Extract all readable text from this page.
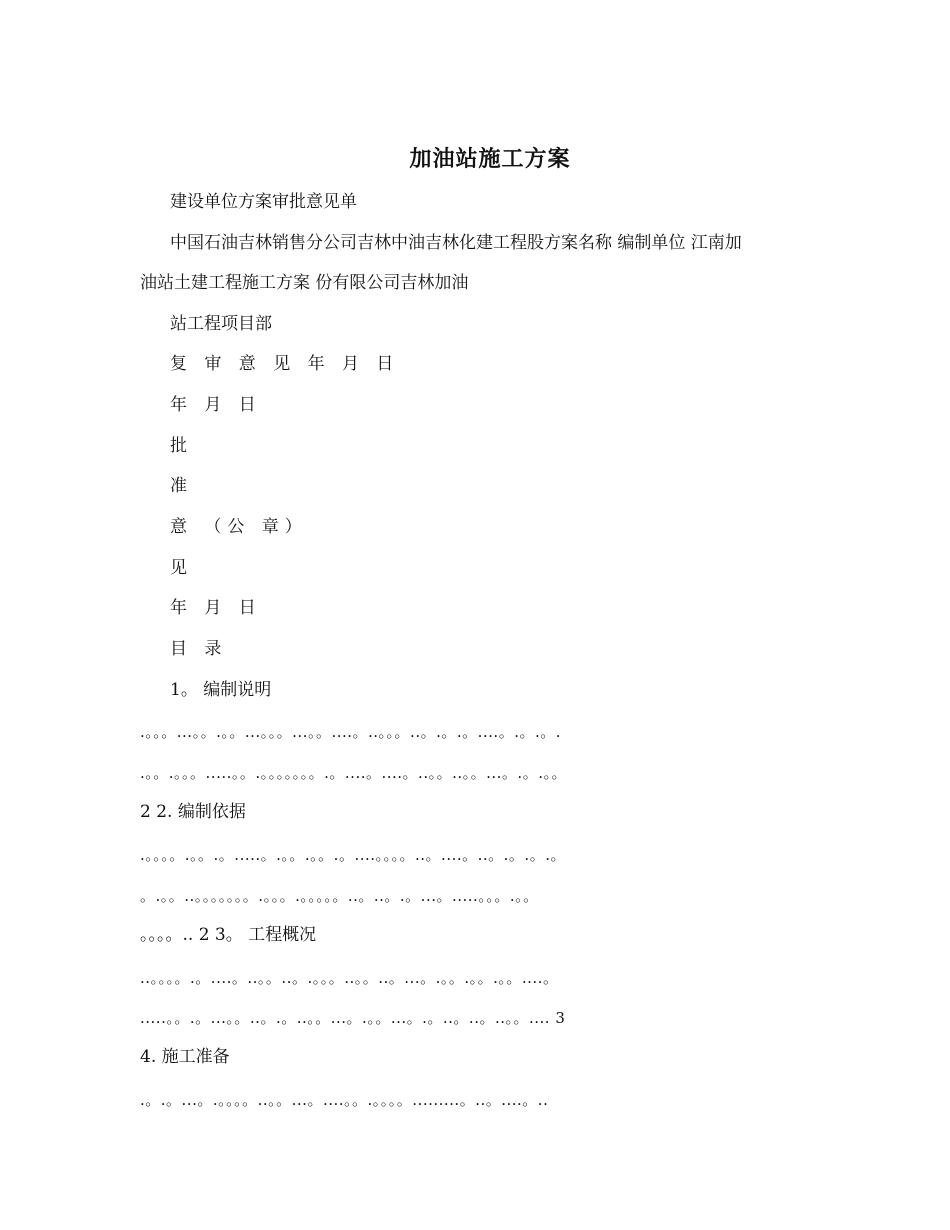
加油站施工方案

建设单位方案审批意见单

中国石油吉林销售分公司吉林中油吉林化建工程股方案名称 编制单位 江南加

油站土建工程施工方案 份有限公司吉林加油

站工程项目部

复 审 意 见 年 月 日

年 月 日

批

准

意 （公 章）

见

年 月 日

目 录

1。 编制说明

.。。。...。。.。。...。。。...。。....。..。。。..。.。.。....。.。.。.

.。。.。。。.....。。.。。。。。。。.。....。....。..。。..。。...。.。.。。

2 2. 编制依据

.。。。。.。。.。.....。.。。.。。.。....。。。。..。....。..。.。.。.。

。.。。..。。。。。。。.。。。.。。。。。..。..。.。...。.....。。。.。。

。。。。.. 2 3。 工程概况

..。。。。.。....。..。。..。.。。。..。。..。...。.。。.。。.。。....。

.....。。.。...。。..。.。..。。...。.。。...。.。..。..。..。。.... 3

4. 施工准备

.。.。...。.。。。。..。。...。....。。.。。。。.........。..。....。..
